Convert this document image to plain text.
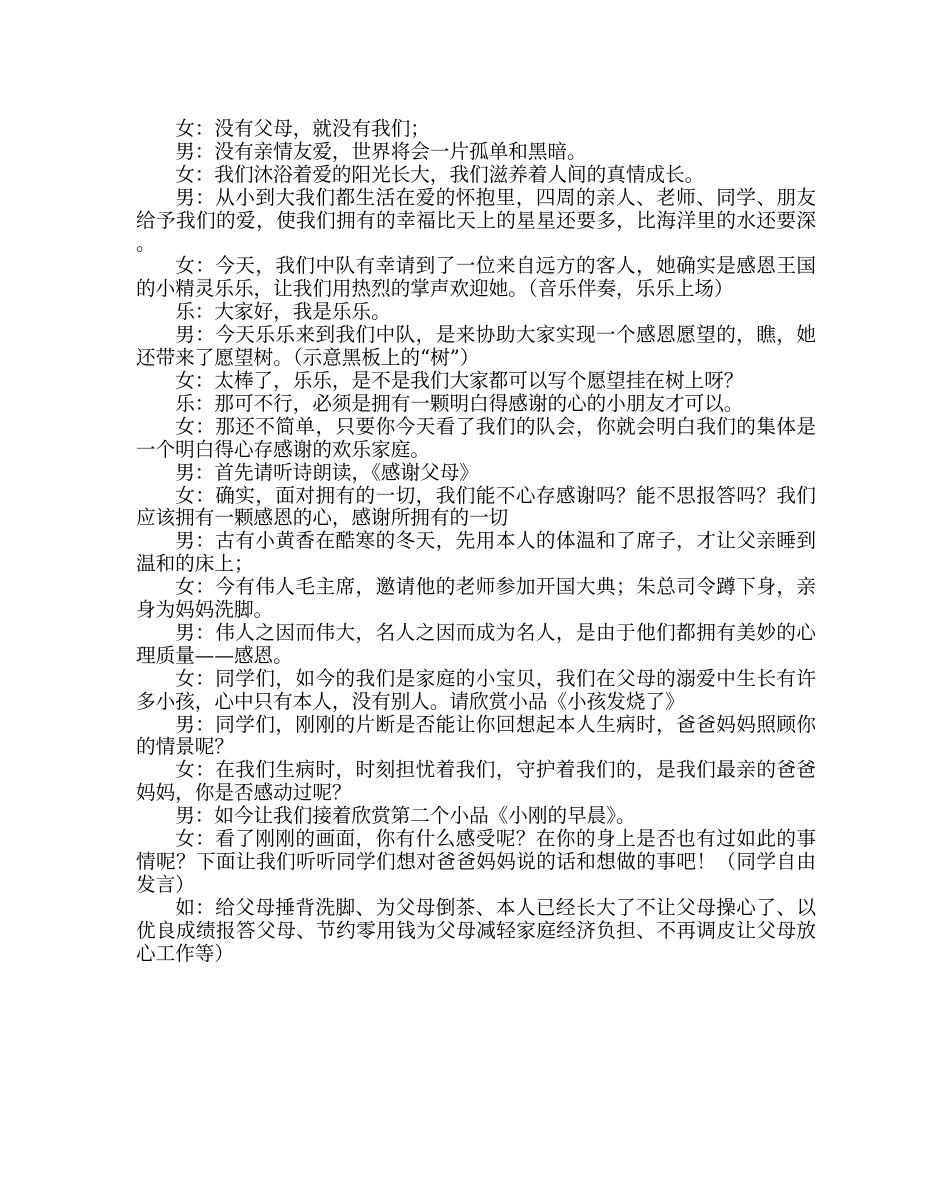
女：没有父母，就没有我们；

男：没有亲情友爱，世界将会一片孤单和黑暗。

女：我们沐浴着爱的阳光长大，我们滋养着人间的真情成长。

男：从小到大我们都生活在爱的怀抱里，四周的亲人、老师、同学、朋友给予我们的爱，使我们拥有的幸福比天上的星星还要多，比海洋里的水还要深。

女：今天，我们中队有幸请到了一位来自远方的客人，她确实是感恩王国的小精灵乐乐，让我们用热烈的掌声欢迎她。（音乐伴奏，乐乐上场）

乐：大家好，我是乐乐。

男：今天乐乐来到我们中队，是来协助大家实现一个感恩愿望的，瞧，她还带来了愿望树。（示意黑板上的“树”）

女：太棒了，乐乐，是不是我们大家都可以写个愿望挂在树上呀？

乐：那可不行，必须是拥有一颗明白得感谢的心的小朋友才可以。

女：那还不简单，只要你今天看了我们的队会，你就会明白我们的集体是一个明白得心存感谢的欢乐家庭。

男：首先请听诗朗读，《感谢父母》

女：确实，面对拥有的一切，我们能不心存感谢吗？能不思报答吗？我们应该拥有一颗感恩的心，感谢所拥有的一切

男：古有小黄香在酷寒的冬天，先用本人的体温和了席子，才让父亲睡到温和的床上；

女：今有伟人毛主席，邀请他的老师参加开国大典；朱总司令蹲下身，亲身为妈妈洗脚。

男：伟人之因而伟大，名人之因而成为名人，是由于他们都拥有美妙的心理质量——感恩。

女：同学们，如今的我们是家庭的小宝贝，我们在父母的溺爱中生长有许多小孩，心中只有本人，没有别人。请欣赏小品《小孩发烧了》

男：同学们，刚刚的片断是否能让你回想起本人生病时，爸爸妈妈照顾你的情景呢？

女：在我们生病时，时刻担忧着我们，守护着我们的，是我们最亲的爸爸妈妈，你是否感动过呢？

男：如今让我们接着欣赏第二个小品《小刚的早晨》。

女：看了刚刚的画面，你有什么感受呢？在你的身上是否也有过如此的事情呢？下面让我们听听同学们想对爸爸妈妈说的话和想做的事吧！（同学自由发言）

如：给父母捶背洗脚、为父母倒茶、本人已经长大了不让父母操心了、以优良成绩报答父母、节约零用钱为父母减轻家庭经济负担、不再调皮让父母放心工作等）
